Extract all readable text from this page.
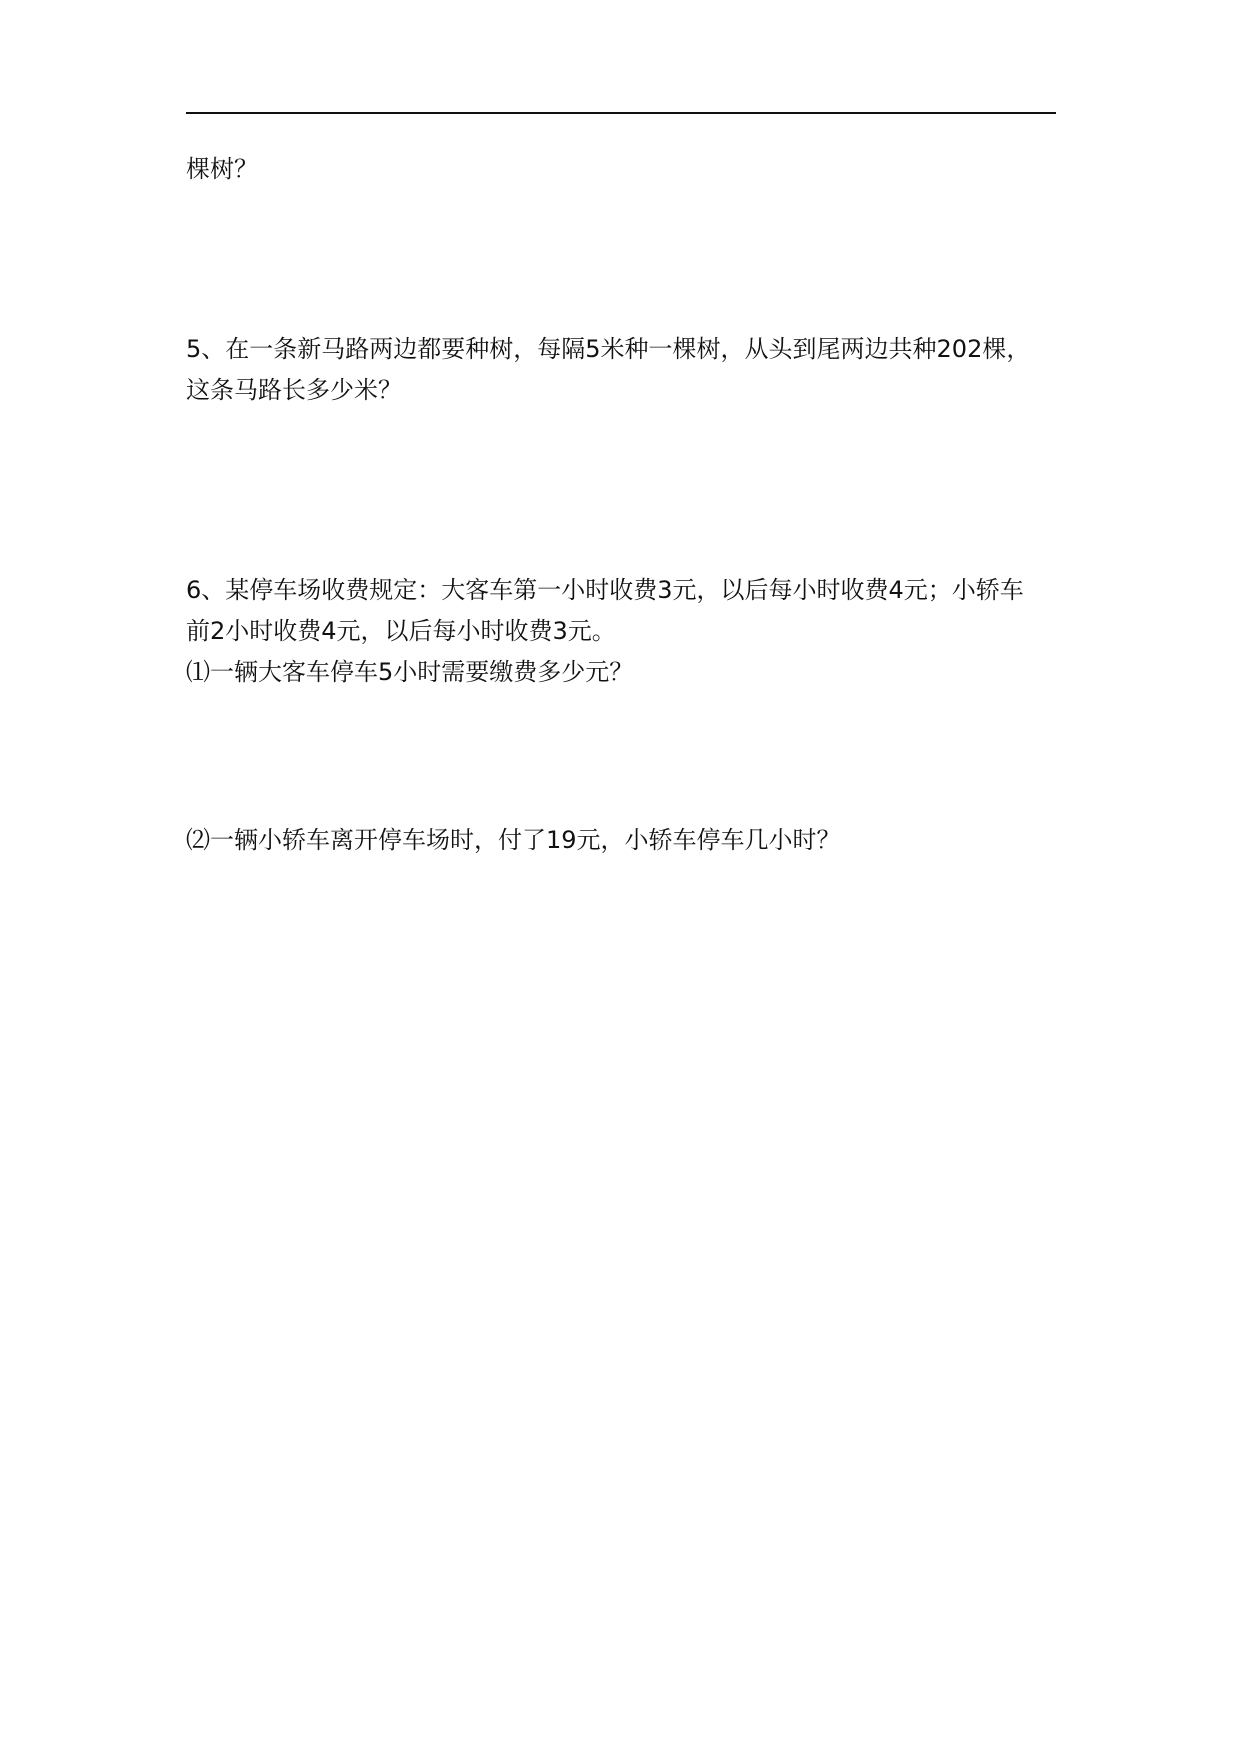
棵树？
5、在一条新马路两边都要种树，每隔5米种一棵树，从头到尾两边共种202棵，
这条马路长多少米？
6、某停车场收费规定：大客车第一小时收费3元，以后每小时收费4元；小轿车
前2小时收费4元，以后每小时收费3元。
⑴一辆大客车停车5小时需要缴费多少元？
⑵一辆小轿车离开停车场时，付了19元，小轿车停车几小时？
